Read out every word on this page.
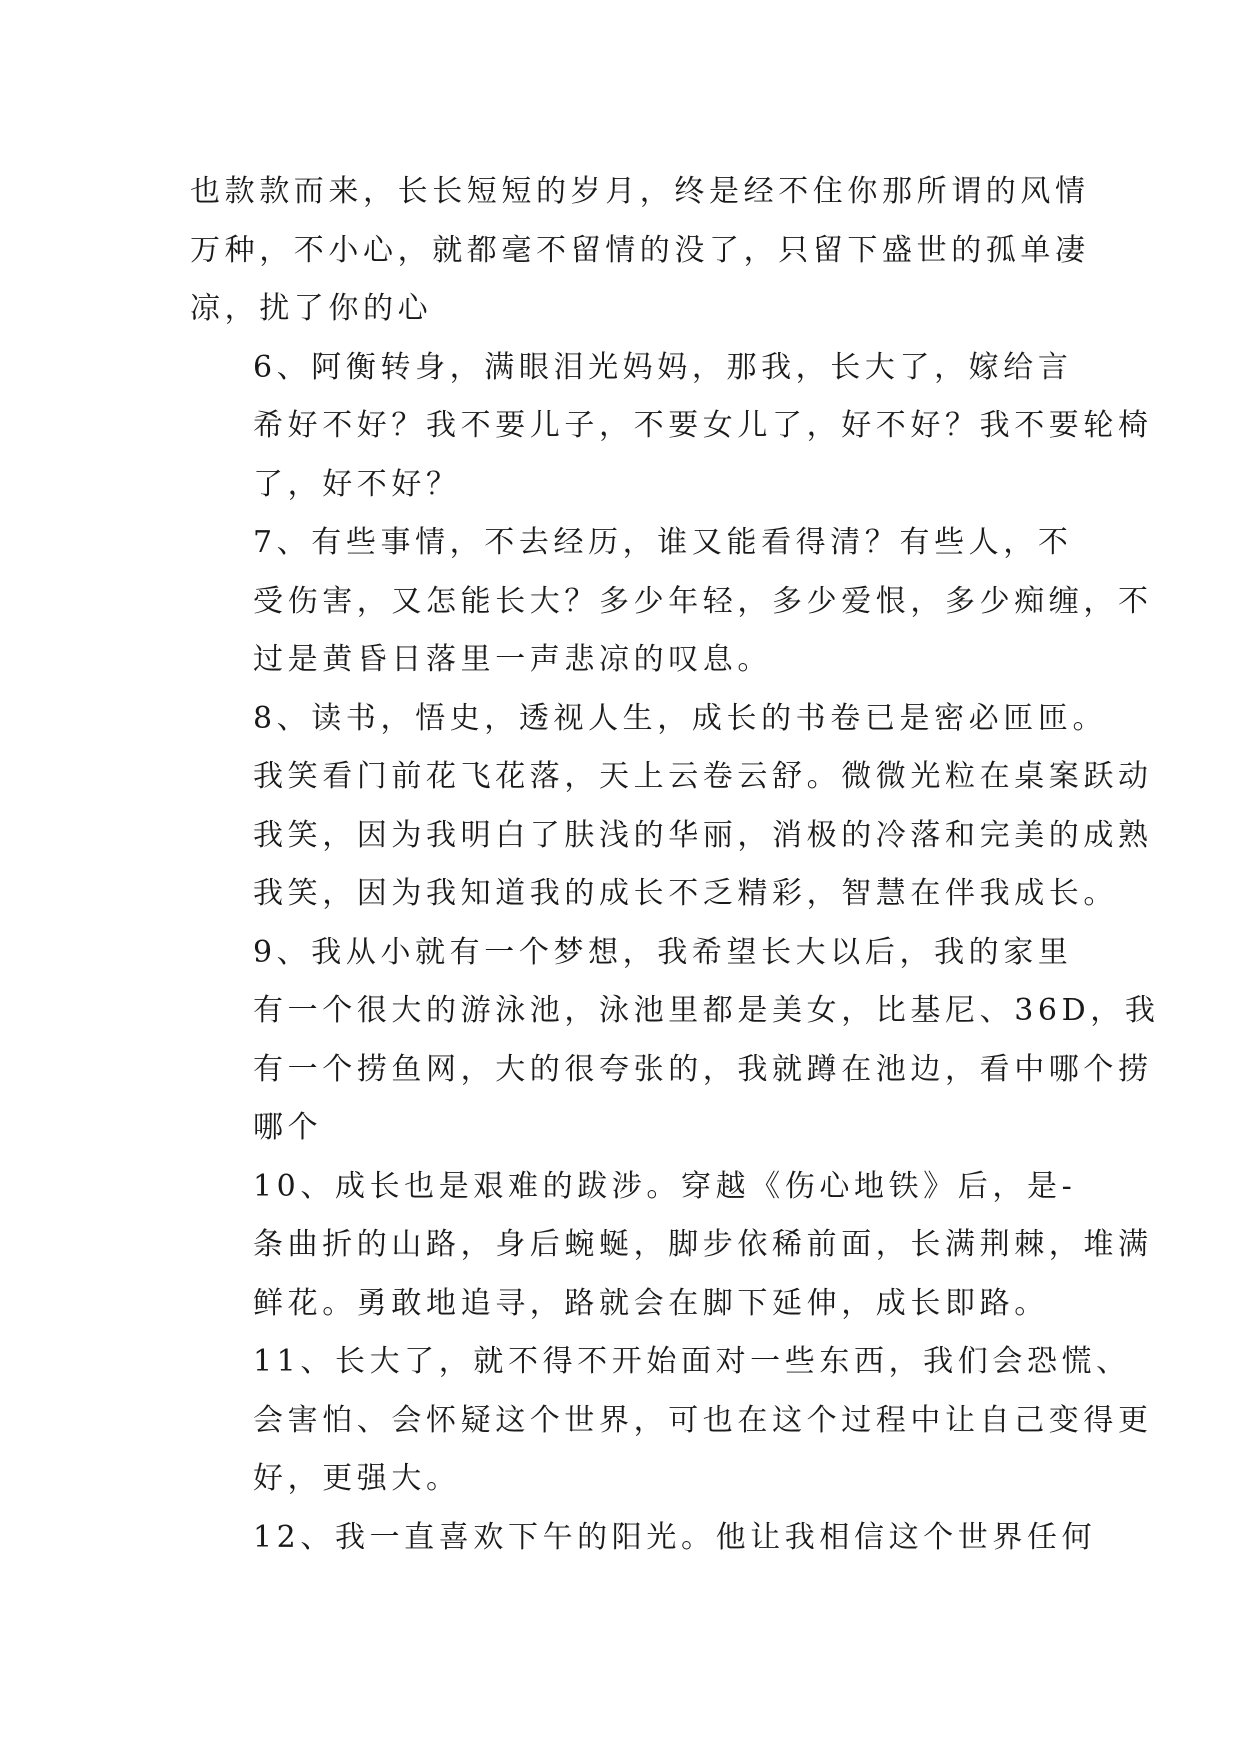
也款款而来，长长短短的岁月，终是经不住你那所谓的风情
万种，不小心，就都毫不留情的没了，只留下盛世的孤单凄
凉，扰了你的心

6、阿衡转身，满眼泪光妈妈，那我，长大了，嫁给言
希好不好？我不要儿子，不要女儿了，好不好？我不要轮椅
了，好不好？

7、有些事情，不去经历，谁又能看得清？有些人，不
受伤害，又怎能长大？多少年轻，多少爱恨，多少痴缠，不
过是黄昏日落里一声悲凉的叹息。

8、读书，悟史，透视人生，成长的书卷已是密必匝匝。
我笑看门前花飞花落，天上云卷云舒。微微光粒在桌案跃动
我笑，因为我明白了肤浅的华丽，消极的冷落和完美的成熟
我笑，因为我知道我的成长不乏精彩，智慧在伴我成长。

9、我从小就有一个梦想，我希望长大以后，我的家里
有一个很大的游泳池，泳池里都是美女，比基尼、36D，我
有一个捞鱼网，大的很夸张的，我就蹲在池边，看中哪个捞
哪个

10、成长也是艰难的跋涉。穿越《伤心地铁》后，是-
条曲折的山路，身后蜿蜒，脚步依稀前面，长满荆棘，堆满
鲜花。勇敢地追寻，路就会在脚下延伸，成长即路。

11、长大了，就不得不开始面对一些东西，我们会恐慌、
会害怕、会怀疑这个世界，可也在这个过程中让自己变得更
好，更强大。

12、我一直喜欢下午的阳光。他让我相信这个世界任何
